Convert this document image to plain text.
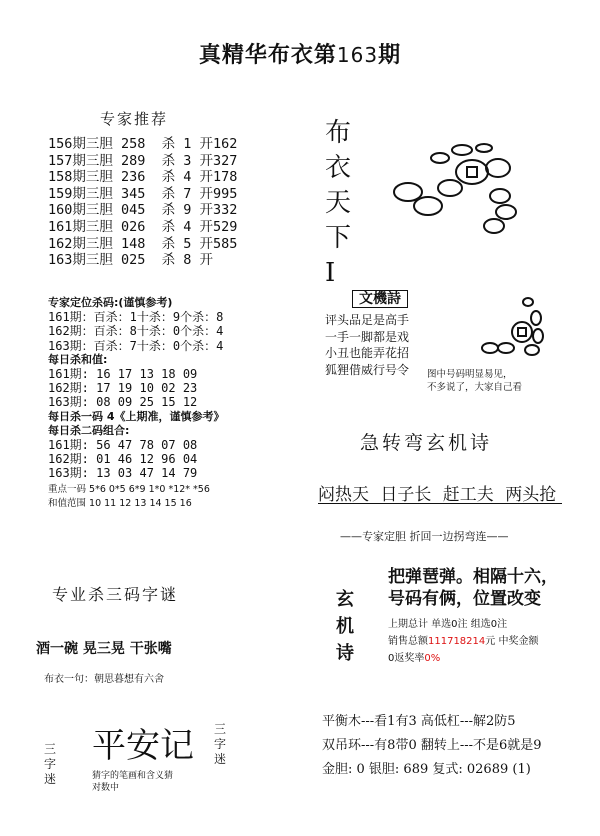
真精华布衣第163期
专家推荐
156期三胆 258  杀 1 开162
157期三胆 289  杀 3 开327
158期三胆 236  杀 4 开178
159期三胆 345  杀 7 开995
160期三胆 045  杀 9 开332
161期三胆 026  杀 4 开529
162期三胆 148  杀 5 开585
163期三胆 025  杀 8 开
专家定位杀码:(谨慎参考)
161期：百杀：1十杀：9个杀：8
162期：百杀：8十杀：0个杀：4
163期：百杀：7十杀：0个杀：4
每日杀和值:
161期: 16 17 13 18 09
162期: 17 19 10 02 23
163期: 08 09 25 15 12
每日杀一码 4《上期准，谨慎参考》
每日杀二码组合:
161期: 56 47 78 07 08
162期: 01 46 12 96 04
163期: 13 03 47 14 79
重点一码 5*6 0*5 6*9 1*0 *12* *56
和值范围 10 11 12 13 14 15 16
布
衣
天
下
I
文機詩
评头品足是高手
一手一脚都是戏
小丑也能弄花招
狐狸借威行号令	图中号码明显易见，
不多说了，大家自己看
急转弯玄机诗
闷热天 日子长 赶工夫 两头抢
——专家定胆 折回一边拐弯连——
玄
机
诗
把弹琶弹。相隔十六，
号码有俩，位置改变
上期总计 单选0注 组选0注
销售总额111718214元 中奖金额
0返奖率0%
专业杀三码字谜
酒一碗 晃三晃 干张嘴
布衣一句：朝思暮想有六舍
三
字
迷
平安记 三
字
迷
猜字的笔画和含义猜
对数中
平衡木---看1有3 高低杠---解2防5
双吊环---有8带0 翻转上---不是6就是9
金胆: 0 银胆: 689 复式: 02689 (1)
